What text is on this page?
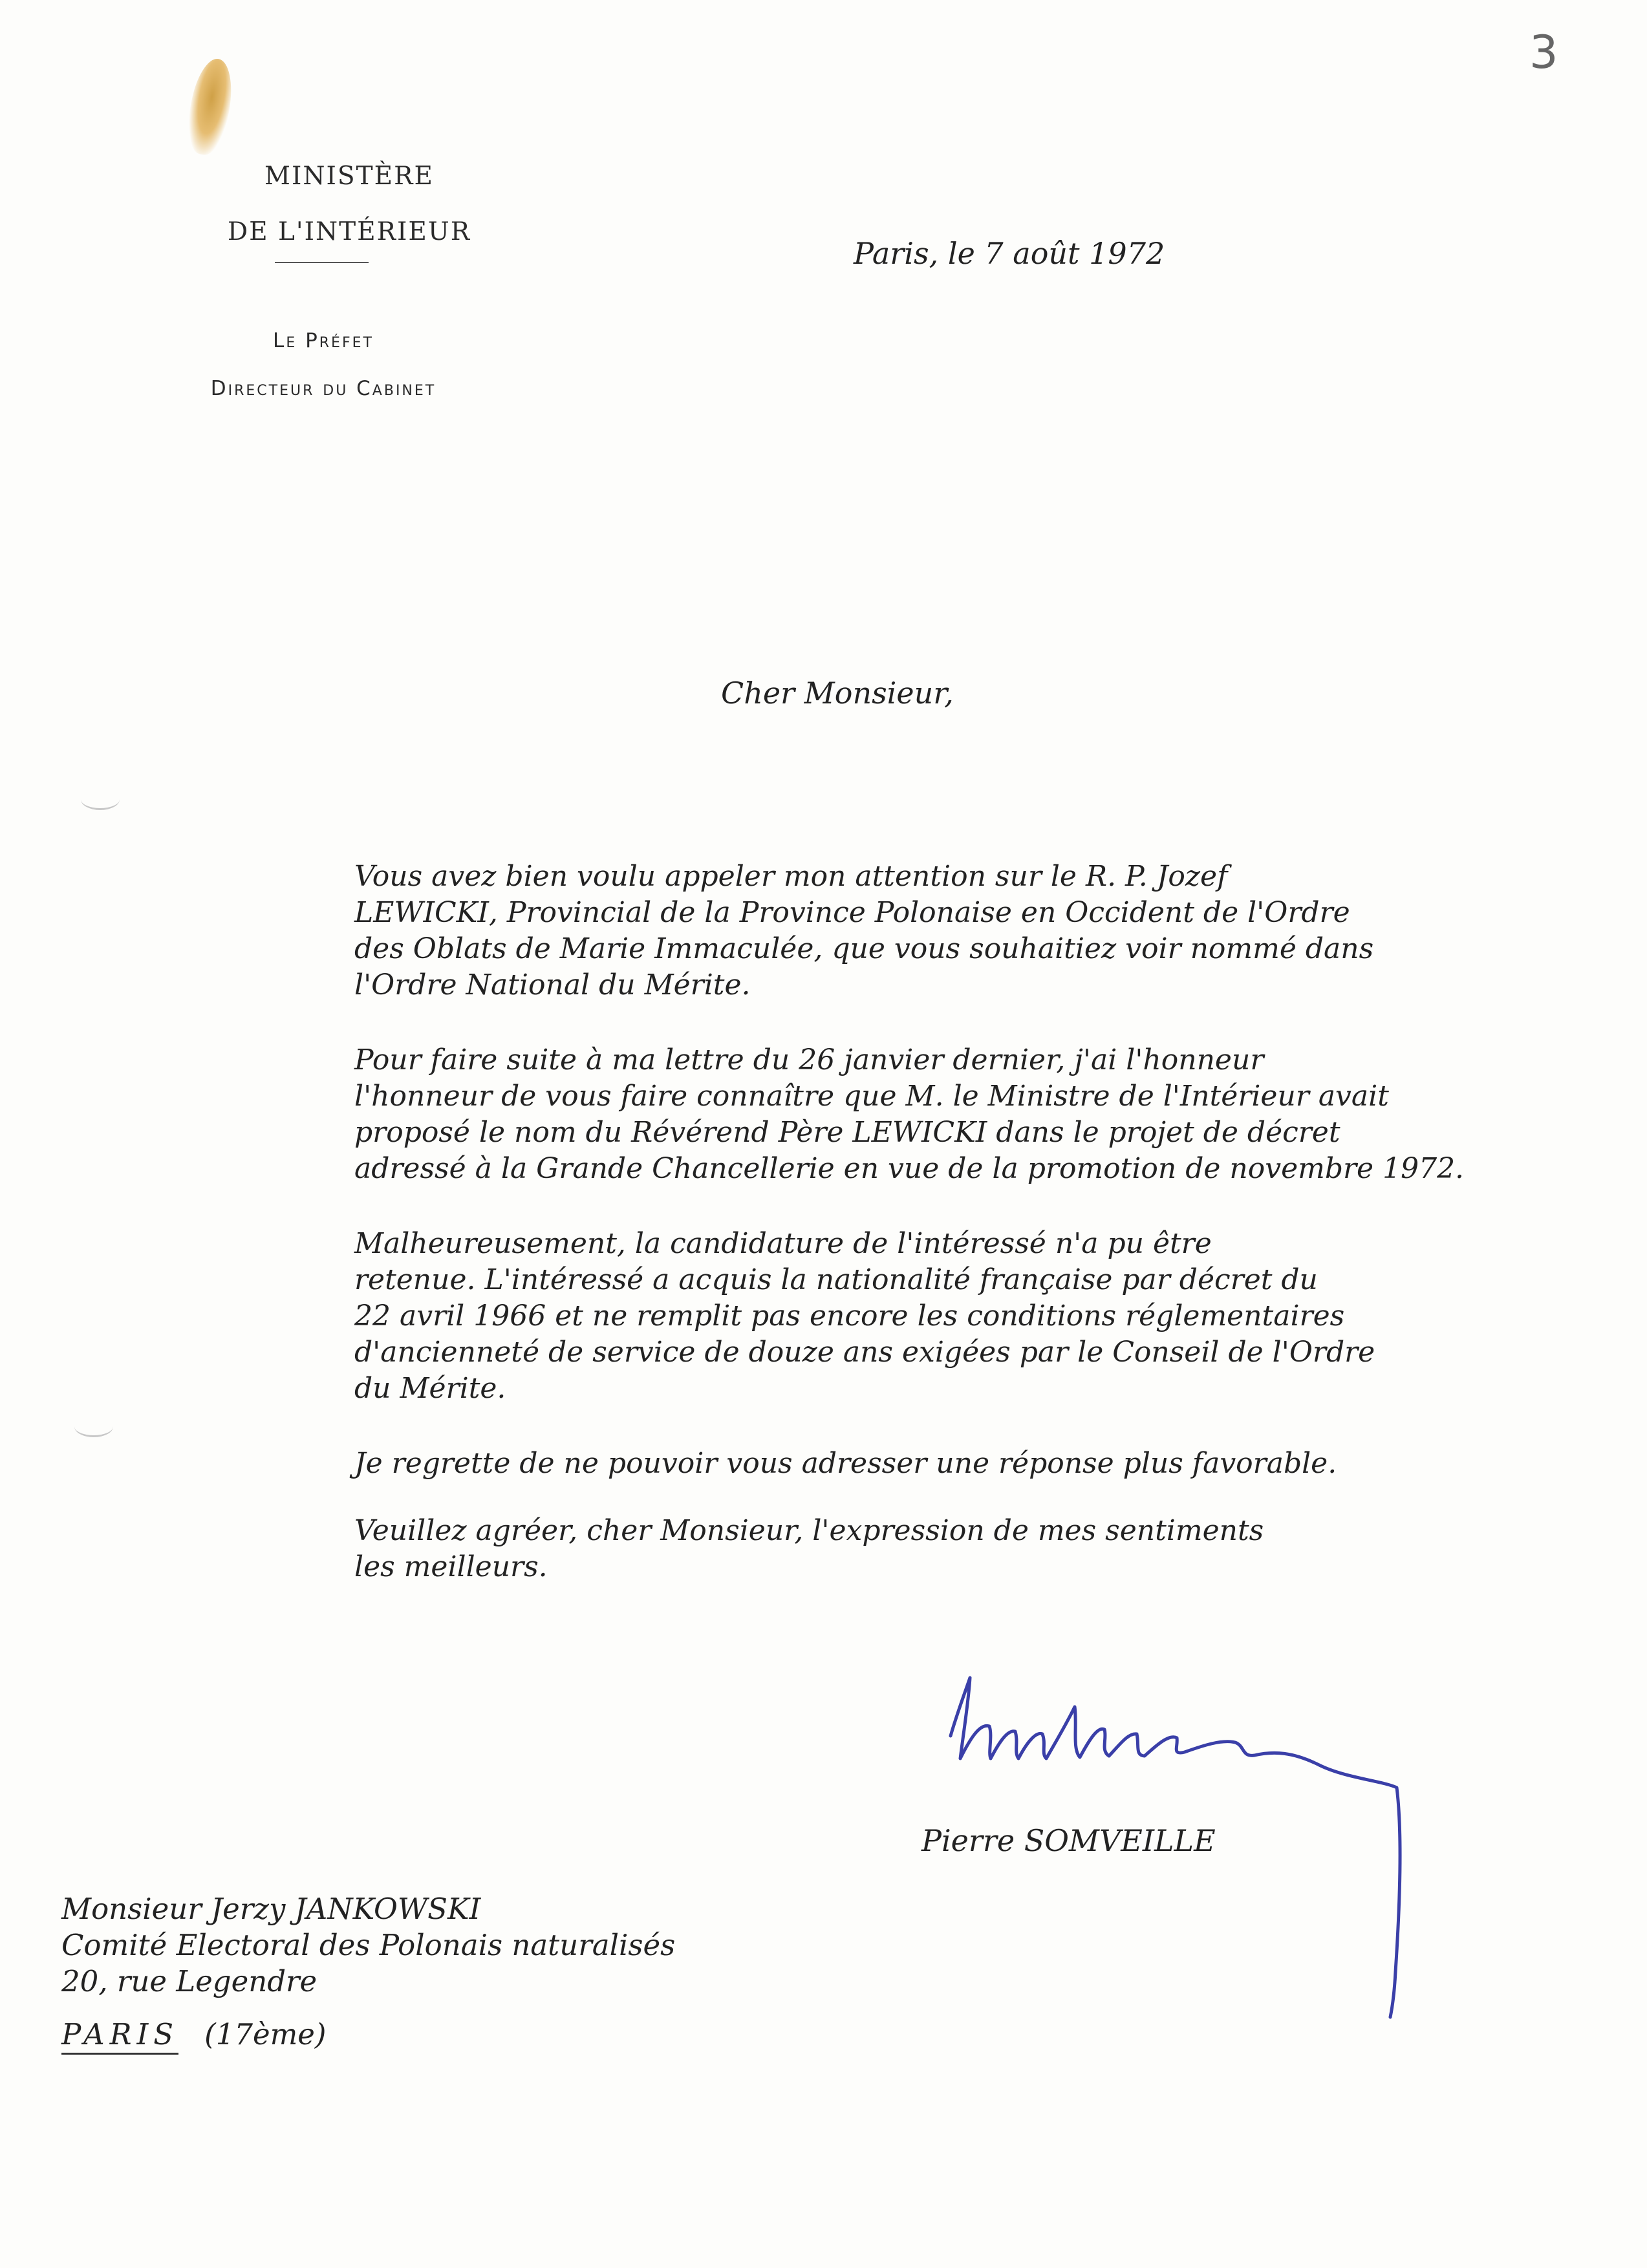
3
MINISTÈRE
DE L'INTÉRIEUR
Le Préfet
Directeur du Cabinet
Paris, le 7 août 1972
Cher Monsieur,

Vous avez bien voulu appeler mon attention sur le R. P. Jozef
LEWICKI, Provincial de la Province Polonaise en Occident de l'Ordre
des Oblats de Marie Immaculée, que vous souhaitiez voir nommé dans
l'Ordre National du Mérite.

Pour faire suite à ma lettre du 26 janvier dernier, j'ai l'honneur
l'honneur de vous faire connaître que M. le Ministre de l'Intérieur avait
proposé le nom du Révérend Père LEWICKI dans le projet de décret
adressé à la Grande Chancellerie en vue de la promotion de novembre 1972.

Malheureusement, la candidature de l'intéressé n'a pu être
retenue. L'intéressé a acquis la nationalité française par décret du
22 avril 1966 et ne remplit pas encore les conditions réglementaires
d'ancienneté de service de douze ans exigées par le Conseil de l'Ordre
du Mérite.

Je regrette de ne pouvoir vous adresser une réponse plus favorable.

Veuillez agréer, cher Monsieur, l'expression de mes sentiments
les meilleurs.

Pierre SOMVEILLE
Monsieur Jerzy JANKOWSKI
Comité Electoral des Polonais naturalisés
20, rue Legendre
PARIS (17ème)
